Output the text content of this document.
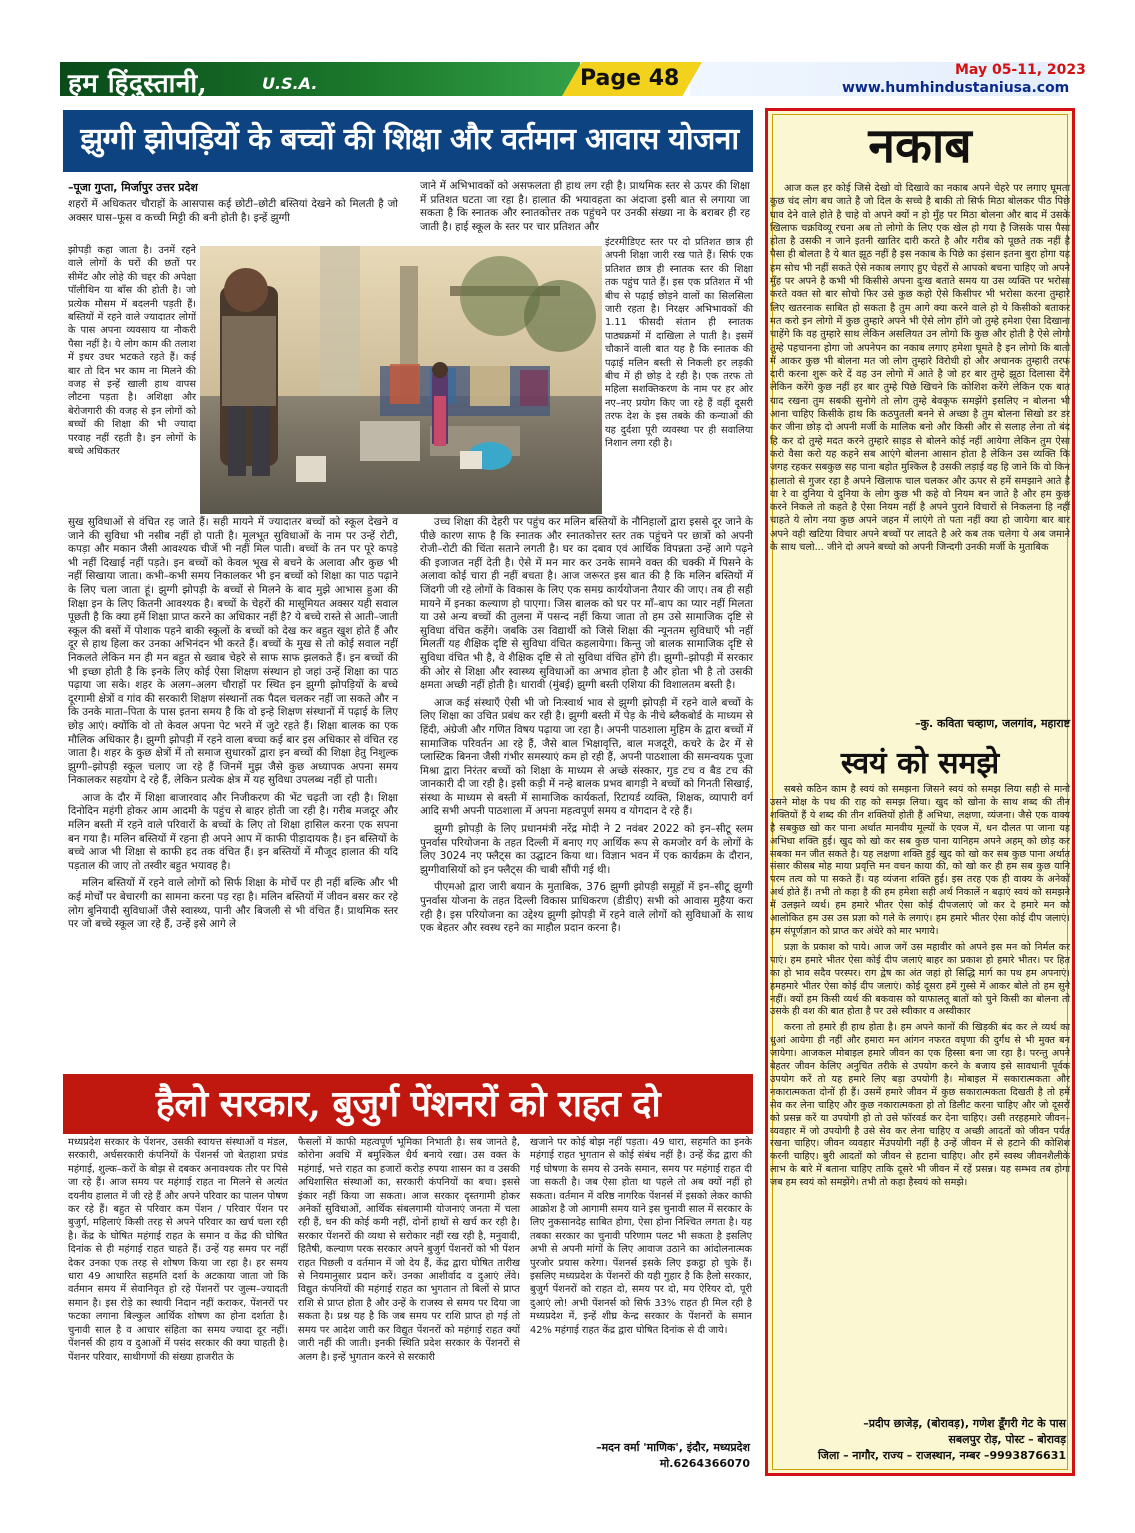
हम हिंदुस्तानी,	U.S.A.	Page 48	May 05-11, 2023
www.humhindustaniusa.com
झुग्गी झोपड़ियों के बच्चों की शिक्षा और वर्तमान आवास योजना
–पूजा गुप्ता, मिर्जापुर उत्तर प्रदेश
शहरों में अधिकतर चौराहों के आसपास कई छोटी–छोटी बस्तियां देखने को मिलती है जो अक्सर घास–फूस व कच्ची मिट्टी की बनी होती है। इन्हें झुग्गी
झोपड़ी कहा जाता है। उनमें रहने वाले लोगों के घरों की छतों पर सीमेंट और लोहे की चद्दर की अपेक्षा पॉलीथिन या बाँस की होती है। जो प्रत्येक मौसम में बदलनी पड़ती हैं। बस्तियों में रहने वाले ज्यादातर लोगों के पास अपना व्यवसाय या नौकरी पैसा नहीं है। ये लोग काम की तलाश में इधर उधर भटकते रहते हैं। कई बार तो दिन भर काम ना मिलने की वजह से इन्हें खाली हाथ वापस लौटना पड़ता है। अशिक्षा और बेरोजगारी की वजह से इन लोगों को बच्चों की शिक्षा की भी ज्यादा परवाह नहीं रहती है। इन लोगों के बच्चे अधिकतर
जाने में अभिभावकों को असफलता ही हाथ लग रही है। प्राथमिक स्तर से ऊपर की शिक्षा में प्रतिशत घटता जा रहा है। हालात की भयावहता का अंदाजा इसी बात से लगाया जा सकता है कि स्नातक और स्नातकोत्तर तक पहुंचने पर उनकी संख्या ना के बराबर ही रह जाती है। हाई स्कूल के स्तर पर चार प्रतिशत और
इंटरमीडिएट स्तर पर दो प्रतिशत छात्र ही अपनी शिक्षा जारी रख पाते हैं। सिर्फ एक प्रतिशत छात्र ही स्नातक स्तर की शिक्षा तक पहुंच पाते हैं। इस एक प्रतिशत में भी बीच से पढ़ाई छोड़ने वालों का सिलसिला जारी रहता है। निरक्षर अभिभावकों की 1.11 फीसदी संतान ही स्नातक पाठ्यक्रमों में दाखिला ले पाती है। इसमें चौकानें वाली बात यह है कि स्नातक की पढ़ाई मलिन बस्ती से निकली हर लड़की बीच में ही छोड़ दे रही है। एक तरफ तो महिला सशक्तिकरण के नाम पर हर ओर नए–नए प्रयोग किए जा रहे हैं वहीं दूसरी तरफ देश के इस तबके की कन्याओं की यह दुर्दशा पूरी व्यवस्था पर ही सवालिया निशान लगा रही है।

सुख सुविधाओं से वंचित रह जाते हैं। सही मायने में ज्यादातर बच्चों को स्कूल देखने व जाने की सुविधा भी नसीब नहीं हो पाती है। मूलभूत सुविधाओं के नाम पर उन्हें रोटी, कपड़ा और मकान जैसी आवश्यक चीजें भी नहीं मिल पाती। बच्चों के तन पर पूरे कपड़े भी नहीं दिखाई नहीं पड़ते। इन बच्चों को केवल भूख से बचने के अलावा और कुछ भी नहीं सिखाया जाता। कभी–कभी समय निकालकर भी इन बच्चों को शिक्षा का पाठ पढ़ाने के लिए चला जाता हूं। झुग्गी झोपड़ी के बच्चों से मिलने के बाद मुझे आभास हुआ की शिक्षा इन के लिए कितनी आवश्यक है। बच्चों के चेहरों की मासूमियत अक्सर यही सवाल पूछती है कि क्या हमें शिक्षा प्राप्त करने का अधिकार नहीं है? ये बच्चे रास्ते से आती–जाती स्कूल की बसों में पोशाक पहने बाकी स्कूलों के बच्चों को देख कर बहुत खुश होते हैं और दूर से हाथ हिला कर उनका अभिनंदन भी करते हैं। बच्चों के मुख से तो कोई सवाल नहीं निकलते लेकिन मन ही मन बहुत से ख्वाब चेहरे से साफ साफ झलकते हैं। इन बच्चों की भी इच्छा होती है कि इनके लिए कोई ऐसा शिक्षण संस्थान हो जहां उन्हें शिक्षा का पाठ पढ़ाया जा सके। शहर के अलग–अलग चौराहों पर स्थित इन झुग्गी झोपड़ियों के बच्चे दूरगामी क्षेत्रों व गांव की सरकारी शिक्षण संस्थानों तक पैदल चलकर नहीं जा सकते और न कि उनके माता–पिता के पास इतना समय है कि वो इन्हे शिक्षण संस्थानों में पढ़ाई के लिए छोड़ आएं। क्योंकि वो तो केवल अपना पेट भरने में जुटे रहते हैं। शिक्षा बालक का एक मौलिक अधिकार है। झुग्गी झोपड़ी में रहने वाला बच्चा कई बार इस अधिकार से वंचित रह जाता है। शहर के कुछ क्षेत्रों में तो समाज सुधारकों द्वारा इन बच्चों की शिक्षा हेतु निशुल्क झुग्गी–झोपड़ी स्कूल चलाए जा रहे हैं जिनमें मुझ जैसे कुछ अध्यापक अपना समय निकालकर सहयोग दे रहे हैं, लेकिन प्रत्येक क्षेत्र में यह सुविधा उपलब्ध नहीं हो पाती।

आज के दौर में शिक्षा बाजारवाद और निजीकरण की भेंट चढ़ती जा रही है। शिक्षा दिनोदिन महंगी होकर आम आदमी के पहुंच से बाहर होती जा रही है। गरीब मजदूर और मलिन बस्ती में रहने वाले परिवारों के बच्चों के लिए तो शिक्षा हासिल करना एक सपना बन गया है। मलिन बस्तियों में रहना ही अपने आप में काफी पीड़ादायक है। इन बस्तियों के बच्चे आज भी शिक्षा से काफी हद तक वंचित हैं। इन बस्तियों में मौजूद हालात की यदि पड़ताल की जाए तो तस्वीर बहुत भयावह है।

मलिन बस्तियों में रहने वाले लोगों को सिर्फ शिक्षा के मोर्चे पर ही नहीं बल्कि और भी कई मोर्चों पर बेचारगी का सामना करना पड़ रहा है। मलिन बस्तियों में जीवन बसर कर रहे लोग बुनियादी सुविधाओं जैसे स्वास्थ्य, पानी और बिजली से भी वंचित हैं। प्राथमिक स्तर पर जो बच्चे स्कूल जा रहे हैं, उन्हें इसे आगे ले

उच्च शिक्षा की देहरी पर पहुंच कर मलिन बस्तियों के नौनिहालों द्वारा इससे दूर जाने के पीछे कारण साफ है कि स्नातक और स्नातकोत्तर स्तर तक पहुंचने पर छात्रों को अपनी रोजी–रोटी की चिंता सताने लगती है। घर का दबाव एवं आर्थिक विपन्नता उन्हें आगे पढ़ने की इजाजत नहीं देती है। ऐसे में मन मार कर उनके सामने वक्त की चक्की में पिसने के अलावा कोई चारा ही नहीं बचता है। आज जरूरत इस बात की है कि मलिन बस्तियों में जिंदगी जी रहे लोगों के विकास के लिए एक समग्र कार्ययोजना तैयार की जाए। तब ही सही मायने में इनका कल्याण हो पाएगा। जिस बालक को घर पर माँ–बाप का प्यार नहीं मिलता या उसे अन्य बच्चों की तुलना में पसन्द नहीं किया जाता तो हम उसे सामाजिक दृष्टि से सुविधा वंचित कहेंगे। जबकि उस विद्यार्थी को जिसे शिक्षा की न्यूनतम सुविधाएँ भी नहीं मिलतीं यह शैक्षिक दृष्टि से सुविधा वंचित कहलायेगा। किन्तु जो बालक सामाजिक दृष्टि से सुविधा वंचित भी है, वे शैक्षिक दृष्टि से तो सुविधा वंचित होंगे ही। झुग्गी–झोपड़ी में सरकार की ओर से शिक्षा और स्वास्थ्य सुविधाओं का अभाव होता है और होता भी है तो उसकी क्षमता अच्छी नहीं होती है। धारावी (मुंबई) झुग्गी बस्ती एशिया की विशालतम बस्ती है।

आज कई संस्थाएँ ऐसी भी जो निःस्वार्थ भाव से झुग्गी झोपड़ी में रहने वाले बच्चों के लिए शिक्षा का उचित प्रबंध कर रही है। झुग्गी बस्ती में पेड़ के नीचे ब्लैकबोर्ड के माध्यम से हिंदी, अंग्रेजी और गणित विषय पढ़ाया जा रहा है। अपनी पाठशाला मुहिम के द्वारा बच्चों में सामाजिक परिवर्तन आ रहे हैं, जैसे बाल भिक्षावृत्ति, बाल मजदूरी, कचरे के ढेर में से प्लास्टिक बिनना जैसी गंभीर समस्याएं कम हो रही हैं, अपनी पाठशाला की समन्वयक पूजा मिश्रा द्वारा निरंतर बच्चों को शिक्षा के माध्यम से अच्छे संस्कार, गुड टच व बैड टच की जानकारी दी जा रही है। इसी कड़ी में नन्हे बालक प्रभव बागड़ी ने बच्चों को गिनती सिखाई, संस्था के माध्यम से बस्ती में सामाजिक कार्यकर्ता, रिटायर्ड व्यक्ति, शिक्षक, व्यापारी वर्ग आदि सभी अपनी पाठशाला में अपना महत्वपूर्ण समय व योगदान दे रहे हैं।

झुग्गी झोपड़ी के लिए प्रधानमंत्री नरेंद्र मोदी ने 2 नवंबर 2022 को इन–सीटू स्लम पुनर्वास परियोजना के तहत दिल्ली में बनाए गए आर्थिक रूप से कमजोर वर्ग के लोगों के लिए 3024 नए फ्लैट्स का उद्घाटन किया था। विज्ञान भवन में एक कार्यक्रम के दौरान, झुग्गीवासियों को इन फ्लैट्स की चाबी सौंपी गई थी।

पीएमओ द्वारा जारी बयान के मुताबिक, 376 झुग्गी झोपड़ी समूहों में इन–सीटू झुग्गी पुनर्वास योजना के तहत दिल्ली विकास प्राधिकरण (डीडीए) सभी को आवास मुहैया करा रही है। इस परियोजना का उद्देश्य झुग्गी झोपड़ी में रहने वाले लोगों को सुविधाओं के साथ एक बेहतर और स्वस्थ रहने का माहौल प्रदान करना है।

हैलो सरकार, बुजुर्ग पेंशनरों को राहत दो
मध्यप्रदेश सरकार के पेंशनर, उसकी स्वायत्त संस्थाओं व मंडल, सरकारी, अर्धसरकारी कंपनियों के पेंशनर्स जो बेतहाशा प्रचंड महंगाई, शुल्क–करों के बोझ से दबकर अनावश्यक तौर पर पिसे जा रहे हैं। आज समय पर महंगाई राहत ना मिलने से अत्यंत दयनीय हालात में जी रहे हैं और अपने परिवार का पालन पोषण कर रहे हैं। बहुत से परिवार कम पेंशन / परिवार पेंशन पर बुजुर्ग, महिलाएं किसी तरह से अपने परिवार का खर्च चला रही है। केंद्र के घोषित महंगाई राहत के समान व केंद्र की घोषित दिनांक से ही महंगाई राहत चाहते हैं। उन्हें यह समय पर नहीं देकर उनका एक तरह से शोषण किया जा रहा है। हर समय धारा 49 आधारित सहमति दर्शा के अटकाया जाता जो कि वर्तमान समय में सेवानिवृत हो रहे पेंशनरों पर जुल्म–ज्यादती समान है। इस रोड़े का स्थायी निदान नहीं कराकर, पेंशनरों पर फटका लगाना बिल्कुल आर्थिक शोषण का होना दर्शाता है। चुनावी साल है व आचार संहिता का समय ज्यादा दूर नहीं। पेंशनर्स की हाय व दुआओं में पसंद सरकार की क्या चाहती है। पेंशनर परिवार, साथीगणों की संख्या हाजरीत के
फैसलों में काफी महत्वपूर्ण भूमिका निभाती है। सब जानते है, कोरोना अवधि में बमुश्किल धैर्य बनाये रखा। उस वक्त के महंगाई, भत्ते राहत का हजारों करोड़ रुपया शासन का व उसकी अधिशासित संस्थाओं का, सरकारी कंपनियों का बचा। इससे इंकार नहीं किया जा सकता। आज सरकार दृस्तगामी होकर अनेकों सुविधाओं, आर्थिक संबलगामी योजनाएं जनता में चला रही हैं, धन की कोई कमी नहीं, दोनों हाथों से खर्च कर रही है। सरकार पेंशनरों की व्यथा से सरोकार नहीं रख रही है, मनुवादी, हितैषी, कल्याण परक सरकार अपने बुजुर्ग पेंशनरों को भी पेंशन राहत पिछली व वर्तमान में जो देय हैं, केंद्र द्वारा घोषित तारीख से नियमानुसार प्रदान करें। उनका आशीर्वाद व दुआएं लेंवे। विद्युत कंपनियों की महंगाई राहत का भुगतान तो बिलों से प्राप्त राशि से प्राप्त होता है और उन्हें के राजस्व से समय पर दिया जा सकता है। प्रश्न यह है कि जब समय पर राशि प्राप्त हो गई तो समय पर आदेश जारी कर विद्युत पेंशनरों को महंगाई राहत क्यों जारी नहीं की जाती। इनकी स्थिति प्रदेश सरकार के पेंशनरों से अलग है। इन्हें भुगतान करने से सरकारी
खजाने पर कोई बोझ नहीं पड़ता। 49 धारा, सहमति का इनके महंगाई राहत भुगतान से कोई संबंध नहीं है। उन्हें केंद्र द्वारा की गई घोषणा के समय से उनके समान, समय पर महंगाई राहत दी जा सकती है। जब ऐसा होता था पहले तो अब क्यों नहीं हो सकता। वर्तमान में वरिष्ठ नागरिक पेंशनर्स में इसको लेकर काफी आक्रोश है जो आगामी समय याने इस चुनावी साल में सरकार के लिए नुकसानदेह साबित होगा, ऐसा होना निश्चित लगता है। यह तबका सरकार का चुनावी परिणाम पलट भी सकता है इसलिए अभी से अपनी मांगों के लिए आवाज उठाने का आंदोलनात्मक पुरजोर प्रयास करेगा। पेंशनर्स इसके लिए इकट्ठा हो चुके हैं। इसलिए मध्यप्रदेश के पेंशनरों की यही गुहार है कि हैलो सरकार, बुजुर्ग पेंशनरों को राहत दो, समय पर दो, मय ऐरियर दो, पूरी दुआएं लो! अभी पेंशनर्स को सिर्फ 33% राहत ही मिल रही है मध्यप्रदेश में, इन्हें शीघ्र केन्द्र सरकार के पेंशनरों के समान 42% महंगाई राहत केंद्र द्वारा घोषित दिनांक से दी जाये।
–मदन वर्मा 'माणिक', इंदौर, मध्यप्रदेश
मो.6264366070
नकाब
आज कल हर कोई जिसे देखो वो दिखावे का नकाब अपने चेहरे पर लगाए घूमता कुछ चंद लोग बच जाते है जो दिल के सच्चे है बाकी तो सिर्फ मिठा बोलकर पीठ पिछे घाव देने वाले होते है चाहे वो अपने क्यों न हो मुँह पर मिठा बोलना और बाद में उसके खिलाफ चक्रविव्यू रचना अब तो लोगो के लिए एक खेल हो गया है जिसके पास पैसा होता है उसकी न जाने इतनी खातिर दारी करते है और गरीब को पूछते तक नहीं है पैसा ही बोलता है ये बात झूठ नहीं है इस नकाब के पिछे का इंसान इतना बुरा होगा यह हम सोच भी नहीं सकते ऐसे नकाब लगाए हुए चेहरों से आपको बचना चाहिए जो अपने मुँह पर अपने है कभी भी किसीसे अपना दुःख बताते समय या उस व्यक्ति पर भरोसा करते वक्त सो बार सोचो फिर उसे कुछ कहो ऐसे किसीपर भी भरोसा करना तुम्हारे लिए खतरनाक साबित हो सकता है तुम आगे क्या करने वाले हो ये किसीको बताकर मत करो इन लोगो में कुछ तुम्हारे अपने भी ऐसे लोग होंगे जो तुम्हे हमेशा ऐसा दिखाना चाहेंगे कि वह तुम्हारे साथ लेकिन असलियत उन लोगो कि कुछ और होती है ऐसे लोगो तुम्हे पहचानना होगा जो अपनेपन का नकाब लगाए हमेशा घूमते है इन लोगो कि बातो में आकर कुछ भी बोलना मत जो लोग तुम्हारे विरोधी हो और अचानक तुम्हारी तरफ दारी करना शुरू करे दें वह उन लोगो में आते है जो हर बार तुम्हे झूठा दिलासा देंगे लेकिन करेंगे कुछ नहीं हर बार तुम्हे पिछे खिचने कि कोशिश करेंगे लेकिन एक बात याद रखना तुम सबकी सुनोगे तो लोग तुम्हे बेवकूफ समझेंगे इसलिए न बोलना भी आना चाहिए किसीके हाथ कि कठपुतली बनने से अच्छा है तुम बोलना सिखो डर डर कर जीना छोड़ दो अपनी मर्जी के मालिक बनो और किसी और से सलाह लेना तो बंद हि कर दो तुम्हे मदत करने तुम्हारे साइड से बोलने कोई नहीं आयेगा लेकिन तुम ऐसा करो वैसा करो यह कहने सब आएंगे बोलना आसान होता है लेकिन उस व्यक्ति कि जगह रहकर सबकुछ सह पाना बहोत मुश्किल है उसकी लड़ाई वह हि जाने कि वो किन हालातो से गुजर रहा है अपने खिलाफ चाल चलकर और ऊपर से हमें समझाने आते है वा रे वा दुनिया ये दुनिया के लोग कुछ भी कहे वो नियम बन जाते है और हम कुछ करने निकले तो कहते है ऐसा नियम नहीं है अपने पुराने विचारों से निकलना हि नहीं चाहते ये लोग नया कुछ अपने जहन में लाएंगे तो पता नहीं क्या हो जायेगा बार बार अपने वही खटिया विचार अपने बच्चों पर लादते है अरे कब तक चलेगा ये अब जमाने के साथ चलो... जीने दो अपने बच्चो को अपनी जिन्दगी उनकी मर्जी के मुताबिक
–कु. कविता चव्हाण, जलगांव, महाराष्ट
स्वयं को समझे

सबसे कठिन काम है स्वयं को समझना जिसने स्वयं को समझ लिया सही से मानो उसने मोक्ष के पथ की राह को समझ लिया। खुद को खोना के साथ शब्द की तीन शक्तियों हैं ये शब्द की तीन शक्तियों होती हैं अभिधा, लक्षणा, व्यंजना। जैसे एक वाक्य है सबकुछ खो कर पाना अर्थात मानवीय मूल्यों के एवज में, धन दौलत पा जाना यह अभिधा शक्ति हुई। खुद को खो कर सब कुछ पाना यानिहम अपने अहम् को छोड़ कर सबका मन जीत सकते है। यह लक्षणा शक्ति हुई खुद को खो कर सब कुछ पाना अर्थात संसार कीसब मोह माया प्रवृत्ति मन वचन काया की, को खो कर ही हम सब कुछ यानि परम तत्व को पा सकते हैं। यह व्यंजना शक्ति हुई। इस तरह एक ही वाक्य के अनेकों अर्थ होते हैं। तभी तो कहा है की हम हमेशा सही अर्थ निकालें न बढ़ाएं स्वयं को समझने में उलझने व्यर्थ। हम हमारे भीतर ऐसा कोई दीपजलाएं जो कर दे हमारे मन को आलोकित हम उस उस प्रज्ञा को गले के लगाएं। हम हमारे भीतर ऐसा कोई दीप जलाएं। हम संपूर्णज्ञान को प्राप्त कर अंधेरे को मार भगाये।

प्रज्ञा के प्रकाश को पाये। आज जगें उस महावीर को अपने इस मन को निर्मल कर पाएं। हम हमारे भीतर ऐसा कोई दीप जलाएं बाहर का प्रकाश हो हमारे भीतर। पर हित का हो भाव सदैव परस्पर। राग द्वेष का अंत जहां हो सिद्धि मार्ग का पथ हम अपनाएं। हमहमारे भीतर ऐसा कोई दीप जलाएं। कोई दूसरा हमें गुस्से में आकर बोले तो हम सुने नहीं। क्यों हम किसी व्यर्थ की बकवास को याफालतू बातों को चुने किसी का बोलना तो उसके ही वश की बात होता है पर उसे स्वीकार व अस्वीकार

करना तो हमारे ही हाथ होता है। हम अपने कानों की खिड़की बंद कर ले व्यर्थ का धुआं आयेगा ही नहीं और हमारा मन आंगन नफरत वघृणा की दुर्गंध से भी मुक्त बन जायेगा। आजकल मोबाइल हमारे जीवन का एक हिस्सा बना जा रहा है। परन्तु अपने बेहतर जीवन केलिए अनुचित तरीके से उपयोग करने के बजाय इसे सावधानी पूर्वक उपयोग करें तो यह हमारे लिए बड़ा उपयोगी है। मोबाइल में सकारात्मकता और नकारात्मकता दोनों ही हैं। उसमें हमारे जीवन में कुछ सकारात्मकता दिखती है तो हमें सेव कर लेना चाहिए और कुछ नकारात्मकता हो तो डिलीट करना चाहिए और जो दूसरों को प्रसन्न करें या उपयोगी हो तो उसे फॉरवर्ड कर देना चाहिए। उसी तरहहमारे जीवन–व्यवहार में जो उपयोगी है उसे सेव कर लेना चाहिए व अच्छी आदतों को जीवन पर्यंत रखना चाहिए। जीवन व्यवहार मेंउपयोगी नहीं है उन्हें जीवन में से हटाने की कोशिश करनी चाहिए। बुरी आदतों को जीवन से हटाना चाहिए। और हमें स्वस्थ जीवनशैलीके लाभ के बारे में बताना चाहिए ताकि दूसरे भी जीवन में रहें प्रसन्न। यह सम्भव तब होगा जब हम स्वयं को समझेंगे। तभी तो कहा हैस्वयं को समझे।

–प्रदीप छाजेड़, (बोरावड़), गणेश डूँगरी गेट के पास
सबलपुर रोड़, पोस्ट – बोरावड़
जिला – नागौर, राज्य – राजस्थान, नम्बर –9993876631
